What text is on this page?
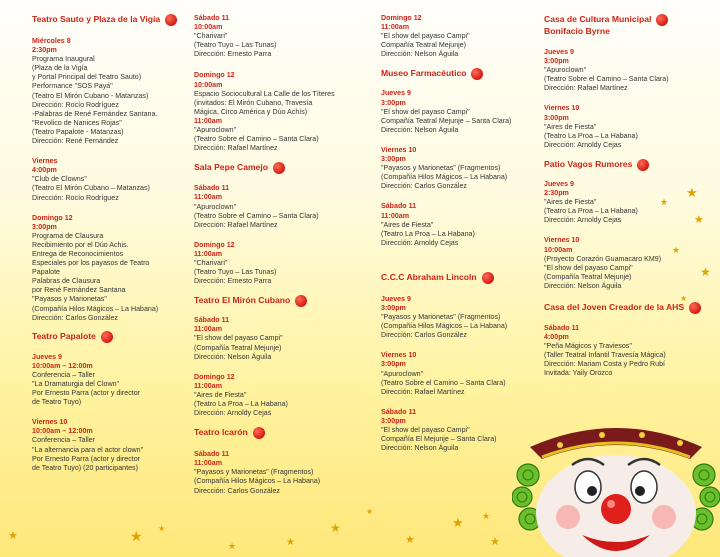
Teatro Sauto y Plaza de la Vigía
Miércoles 8
2:30pm
Programa Inaugural
(Plaza de la Vigía
y Portal Principal del Teatro Sauto)
Performance "SOS Payá"
(Teatro El Mirón Cubano - Matanzas)
Dirección: Rocío Rodríguez
-Palabras de René Fernández Santana.
"Revolico de Nanices Rojas"
(Teatro Papalote - Matanzas)
Dirección: René Fernández
Viernes
4:00pm
"Club de Clowns"
(Teatro El Mirón Cubano – Matanzas)
Dirección: Rocío Rodríguez
Domingo 12
3:00pm
Programa de Clausura
Recibimiento por el Dúo Achis.
Entrega de Reconocimientos
Especiales por los payasos de Teatro
Papalote
Palabras de Clausura
por René Fernández Santana
"Payasos y Marionetas"
(Compañía Hilos Mágicos – La Habana)
Dirección: Carlos González
Teatro Papalote
Jueves 9
10:00am – 12:00m
Conferencia – Taller
"La Dramaturgia del Clown"
Por Ernesto Parra (actor y director
de Teatro Tuyo)
Viernes 10
10:00am – 12:00m
Conferencia – Taller
"La alternancia para el actor clown"
Por Ernesto Parra (actor y director
de Teatro Tuyo) (20 participantes)
Sábado 11
10:00am
"Charivari"
(Teatro Tuyo – Las Tunas)
Dirección: Ernesto Parra
Domingo 12
10:00am
Espacio Sociocultural La Calle de los Títeres
(invitados: El Mirón Cubano, Travesía
Mágica, Circo América y Dúo Achís)
11:00am
"Apuroclown"
(Teatro Sobre el Camino – Santa Clara)
Dirección: Rafael Martínez
Sala Pepe Camejo
Sábado 11
11:00am
"Apuroclown"
(Teatro Sobre el Camino – Santa Clara)
Dirección: Rafael Martínez
Domingo 12
11:00am
"Charivari"
(Teatro Tuyo – Las Tunas)
Dirección: Ernesto Parra
Teatro El Mirón Cubano
Sábado 11
11:00am
"El show del payaso Campi"
(Compañía Teatral Mejunje)
Dirección: Nelson Águila
Domingo 12
11:00am
"Aires de Fiesta"
(Teatro La Proa – La Habana)
Dirección: Arnoldy Cejas
Teatro Icarón
Sábado 11
11:00am
"Payasos y Marionetas" (Fragmentos)
(Compañía Hilos Mágicos – La Habana)
Dirección: Carlos González
Domingo 12
11:00am
"El show del payaso Campi"
Compañía Teatral Mejunje)
Dirección: Nelson Águila
Museo Farmacéutico
Jueves 9
3:00pm
"El show del payaso Campi"
Compañía Teatral Mejunje – Santa Clara)
Dirección: Nelson Águila
Viernes 10
3:00pm
"Payasos y Marionetas" (Fragmentos)
(Compañía Hilos Mágicos – La Habana)
Dirección: Carlos González
Sábado 11
11:00am
"Aires de Fiesta"
(Teatro La Proa – La Habana)
Dirección: Arnoldy Cejas
C.C.C Abraham Lincoln
Jueves 9
3:00pm
"Payasos y Marionetas" (Fragmentos)
(Compañía Hilos Mágicos – La Habana)
Dirección: Carlos González
Viernes 10
3:00pm
"Apuroclown"
(Teatro Sobre el Camino – Santa Clara)
Dirección: Rafael Martínez
Sábado 11
3:00pm
"El show del payaso Campi"
Compañía El Mejunje – Santa Clara)
Dirección: Nelson Águila
Casa de Cultura Municipal
Bonifacio Byrne
Jueves 9
3:00pm
"Apuroclown"
(Teatro Sobre el Camino – Santa Clara)
Dirección: Rafael Martínez
Viernes 10
3:00pm
"Aires de Fiesta"
(Teatro La Proa – La Habana)
Dirección: Arnoldy Cejas
Patio Vagos Rumores
Jueves 9
2:30pm
"Aires de Fiesta"
(Teatro La Proa – La Habana)
Dirección: Arnoldy Cejas
Viernes 10
10:00am
(Proyecto Corazón Guamacaro KM9)
"El show del payaso Campi"
(Compañía Teatral Mejunje)
Dirección: Nelson Águila
Casa del Joven Creador de la AHS
Sábado 11
4:00pm
"Peña Mágicos y Traviesos"
(Taller Teatral Infantil Travesía Mágica)
Dirección: Mariam Costa y Pedro Rubí
Invitada: Yaily Orozco
★
★
★
★
★
★
★	★ ★
★	★
★
★
★
★ ★
★
